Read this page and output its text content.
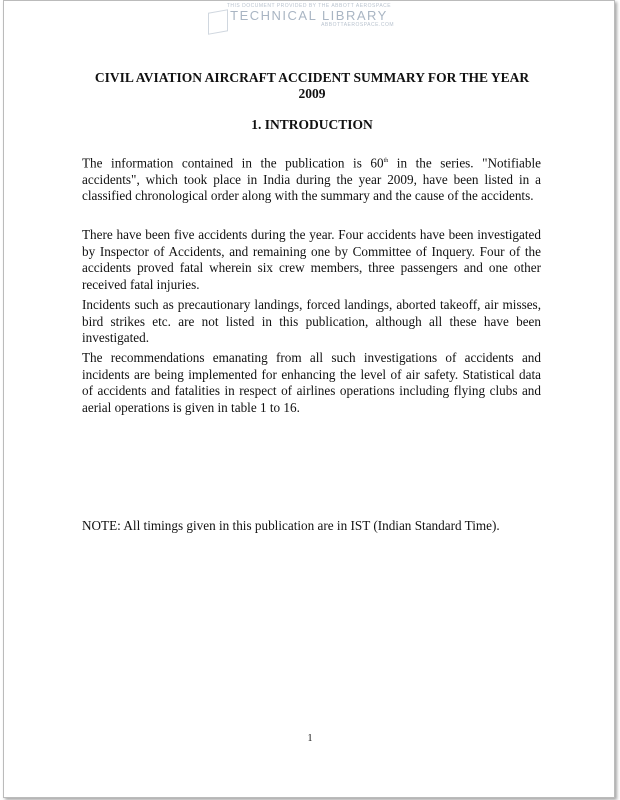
THIS DOCUMENT PROVIDED BY THE ABBOTT AEROSPACE
TECHNICAL LIBRARY
ABBOTTAEROSPACE.COM
CIVIL AVIATION AIRCRAFT ACCIDENT SUMMARY FOR THE YEAR 2009
1. INTRODUCTION
The information contained in the publication is 60th in the series. "Notifiable accidents", which took place in India during the year 2009, have been listed in a classified chronological order along with the summary and the cause of the accidents.
There have been five accidents during the year. Four accidents have been investigated by Inspector of Accidents, and remaining one by Committee of Inquery. Four of the accidents proved fatal wherein six crew members, three passengers and one other received fatal injuries.
Incidents such as precautionary landings, forced landings, aborted takeoff, air misses, bird strikes etc. are not listed in this publication, although all these have been investigated.
The recommendations emanating from all such investigations of accidents and incidents are being implemented for enhancing the level of air safety. Statistical data of accidents and fatalities in respect of airlines operations including flying clubs and aerial operations is given in table 1 to 16.
NOTE: All timings given in this publication are in IST (Indian Standard Time).
1
